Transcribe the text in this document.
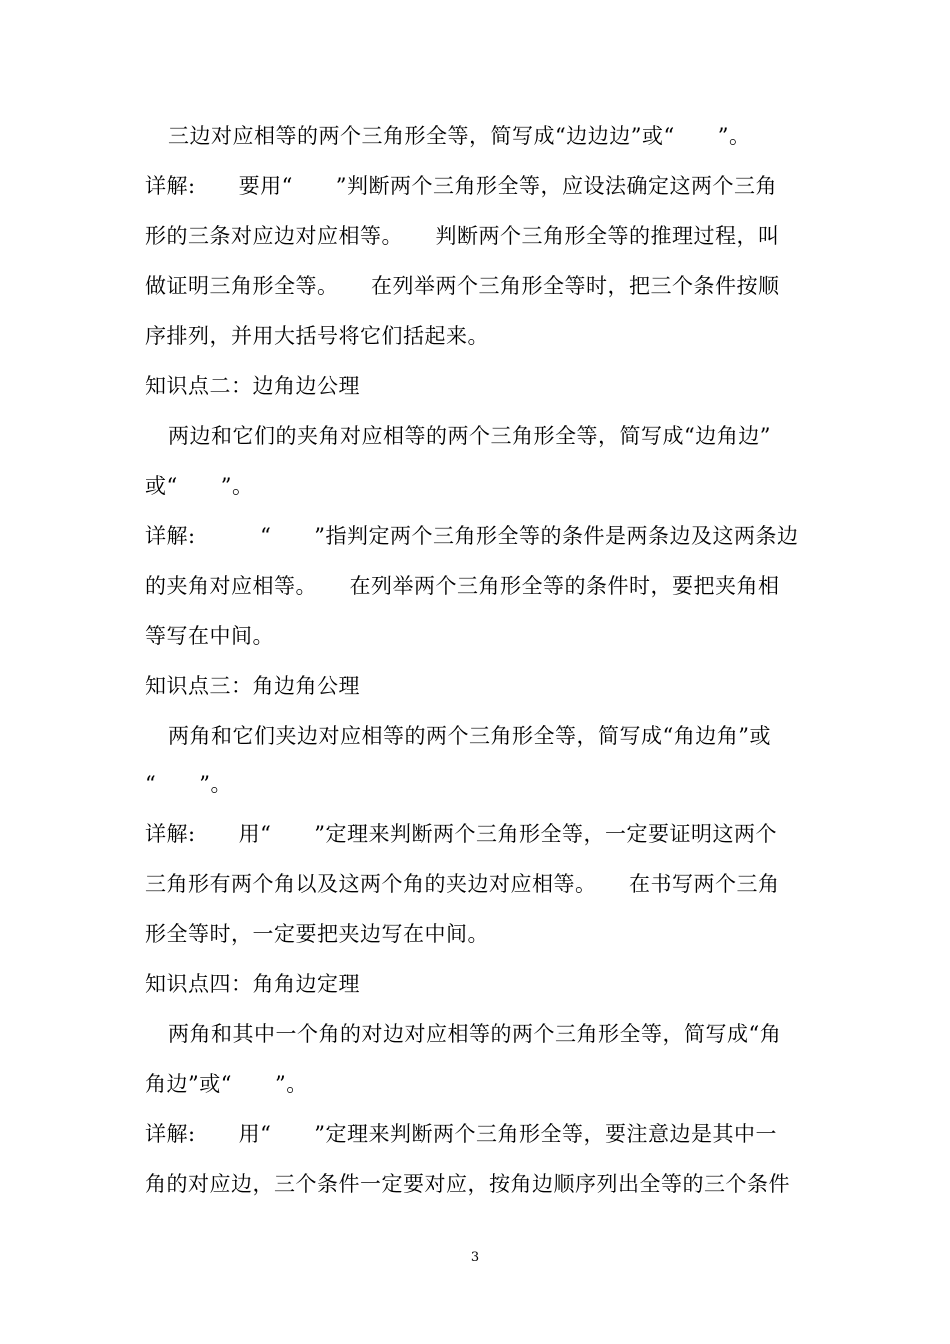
三边对应相等的两个三角形全等，简写成“边边边”或“　　”。
详解:　　要用“　　”判断两个三角形全等，应设法确定这两个三角
形的三条对应边对应相等。　　判断两个三角形全等的推理过程，叫
做证明三角形全等。　　在列举两个三角形全等时，把三个条件按顺
序排列，并用大括号将它们括起来。
知识点二：边角边公理
两边和它们的夹角对应相等的两个三角形全等，简写成“边角边”
或“　　”。
详解:　　　“　　”指判定两个三角形全等的条件是两条边及这两条边
的夹角对应相等。　　在列举两个三角形全等的条件时，要把夹角相
等写在中间。
知识点三：角边角公理
两角和它们夹边对应相等的两个三角形全等，简写成“角边角”或
“　　”。
详解:　　用“　　”定理来判断两个三角形全等，一定要证明这两个
三角形有两个角以及这两个角的夹边对应相等。　　在书写两个三角
形全等时，一定要把夹边写在中间。
知识点四：角角边定理
两角和其中一个角的对边对应相等的两个三角形全等，简写成“角
角边”或“　　”。
详解:　　用“　　”定理来判断两个三角形全等，要注意边是其中一
角的对应边，三个条件一定要对应，按角边顺序列出全等的三个条件
3
